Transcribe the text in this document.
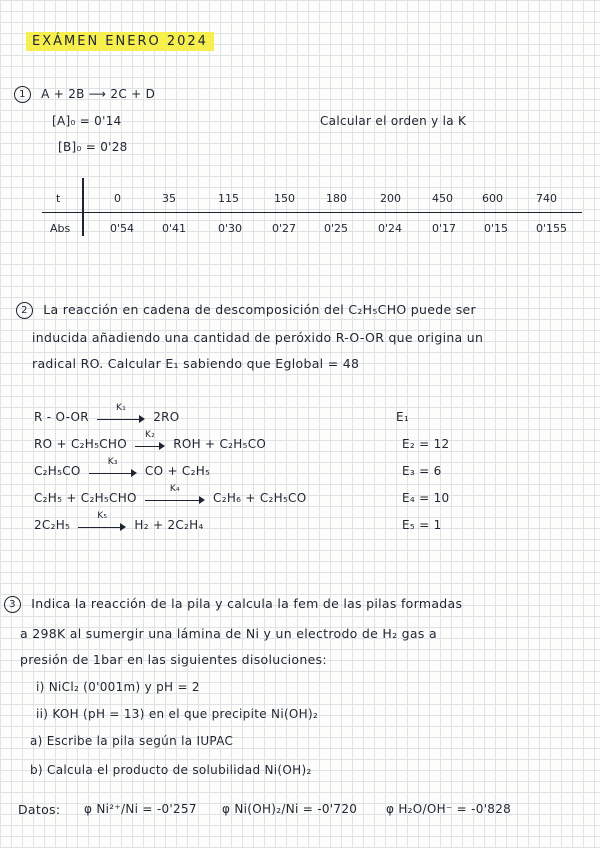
EXÁMEN ENERO 2024
1 A + 2B ⟶ 2C + D
[A]₀ = 0'14
[B]₀ = 0'28
Calcular el orden y la K
t	0	35	115	150	180	200	450	600	740
Abs	0'54	0'41	0'30	0'27	0'25	0'24	0'17	0'15	0'155
2 La reacción en cadena de descomposición del C₂H₅CHO puede ser
inducida añadiendo una cantidad de peróxido R-O-OR que origina un
radical RO. Calcular E₁ sabiendo que Eglobal = 48
R - O-OR
K₁
2RO	E₁
RO + C₂H₅CHO
K₂
ROH + C₂H₅CO	E₂ = 12
C₂H₅CO
K₃
CO + C₂H₅	E₃ = 6
C₂H₅ + C₂H₅CHO
K₄
C₂H₆ + C₂H₅CO	E₄ = 10
2C₂H₅
K₅
H₂ + 2C₂H₄	E₅ = 1
3 Indica la reacción de la pila y calcula la fem de las pilas formadas
a 298K al sumergir una lámina de Ni y un electrodo de H₂ gas a
presión de 1bar en las siguientes disoluciones:
i) NiCl₂ (0'001m) y pH = 2
ii) KOH (pH = 13) en el que precipite Ni(OH)₂
a) Escribe la pila según la IUPAC
b) Calcula el producto de solubilidad Ni(OH)₂
Datos: φ Ni²⁺/Ni = -0'257 φ Ni(OH)₂/Ni = -0'720 φ H₂O/OH⁻ = -0'828
